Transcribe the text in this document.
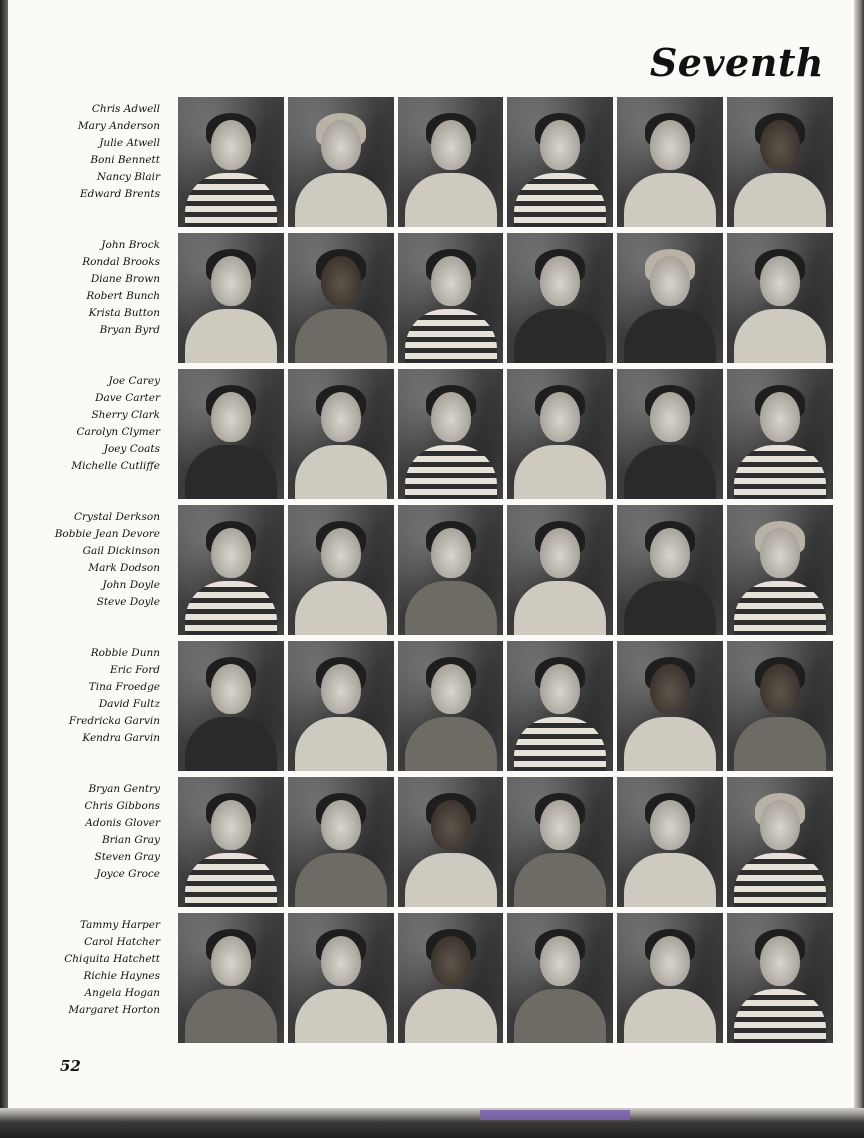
Seventh
Chris Adwell
Mary Anderson
Julie Atwell
Boni Bennett
Nancy Blair
Edward Brents
John Brock
Rondal Brooks
Diane Brown
Robert Bunch
Krista Button
Bryan Byrd
Joe Carey
Dave Carter
Sherry Clark
Carolyn Clymer
Joey Coats
Michelle Cutliffe
Crystal Derkson
Bobbie Jean Devore
Gail Dickinson
Mark Dodson
John Doyle
Steve Doyle
Robbie Dunn
Eric Ford
Tina Froedge
David Fultz
Fredricka Garvin
Kendra Garvin
Bryan Gentry
Chris Gibbons
Adonis Glover
Brian Gray
Steven Gray
Joyce Groce
Tammy Harper
Carol Hatcher
Chiquita Hatchett
Richie Haynes
Angela Hogan
Margaret Horton
52
